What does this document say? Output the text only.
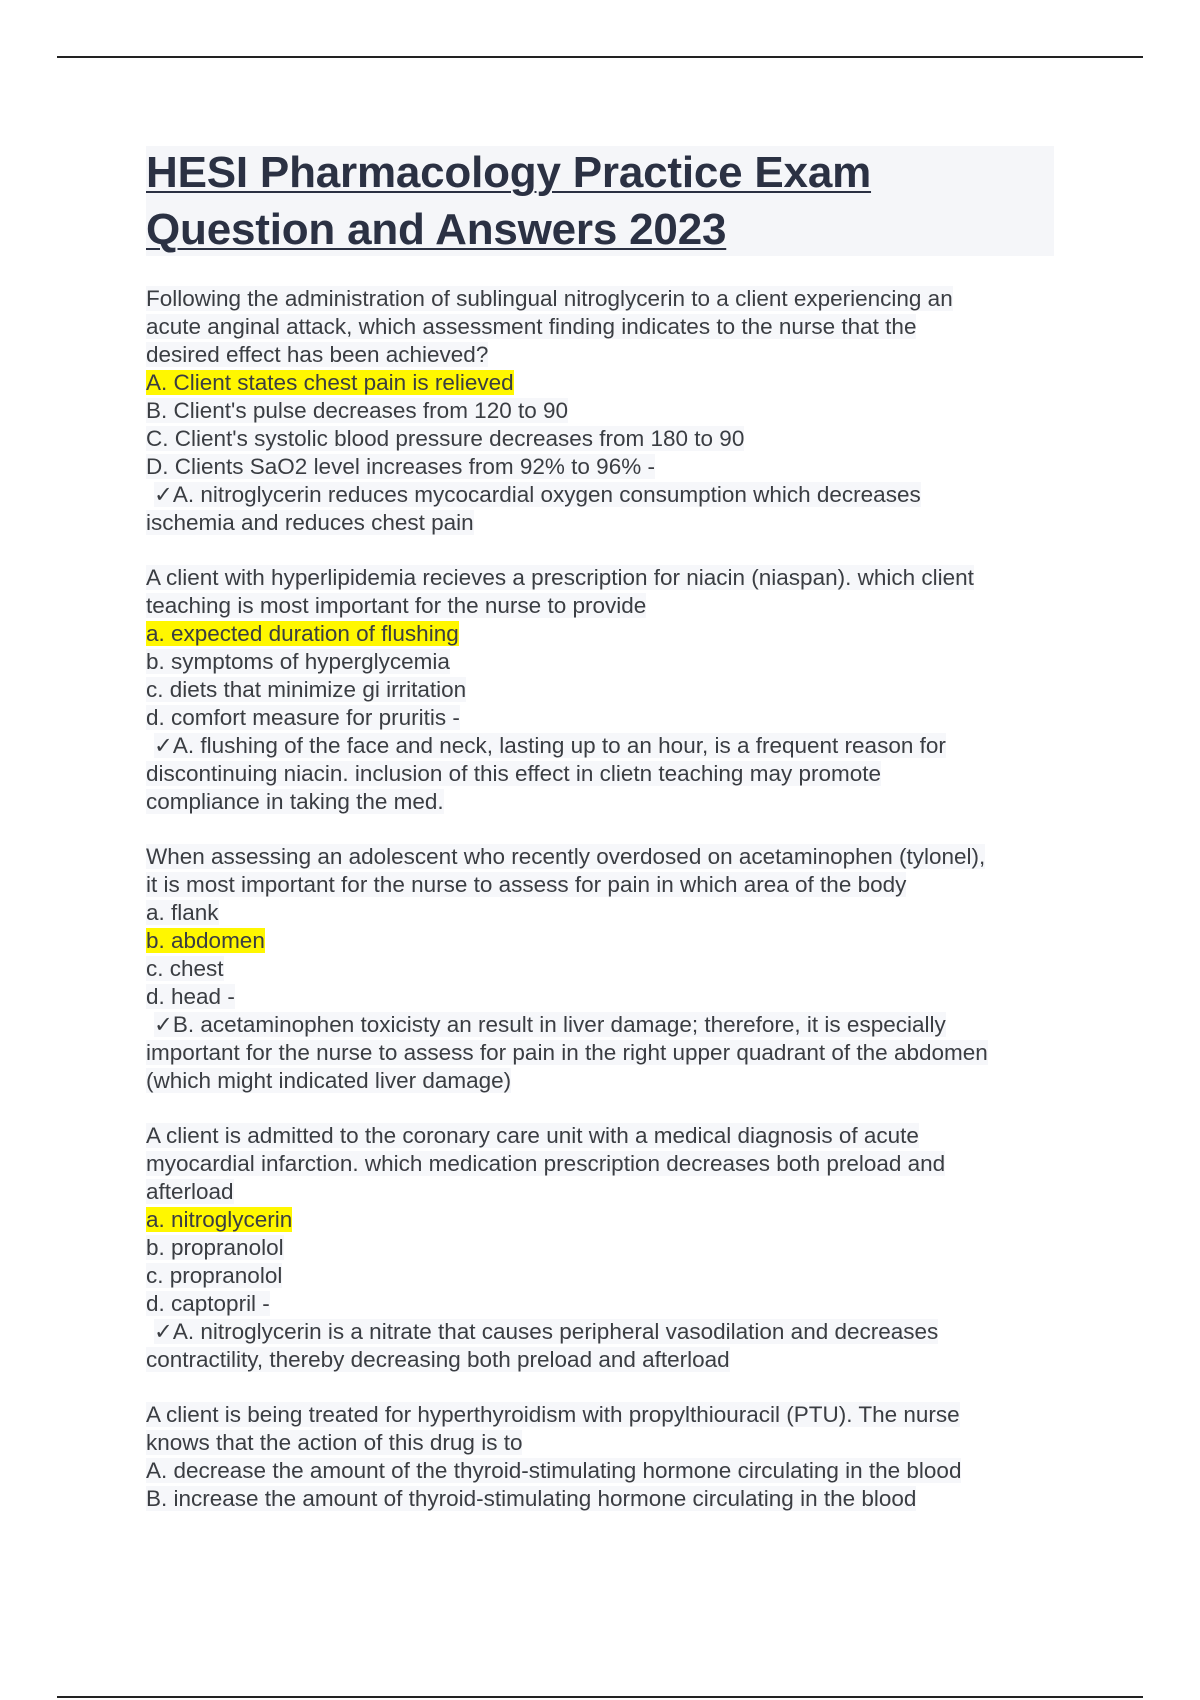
HESI Pharmacology Practice Exam
Question and Answers 2023
Following the administration of sublingual nitroglycerin to a client experiencing an
acute anginal attack, which assessment finding indicates to the nurse that the
desired effect has been achieved?
A. Client states chest pain is relieved
B. Client's pulse decreases from 120 to 90
C. Client's systolic blood pressure decreases from 180 to 90
D. Clients SaO2 level increases from 92% to 96% -
✓A. nitroglycerin reduces mycocardial oxygen consumption which decreases
ischemia and reduces chest pain
A client with hyperlipidemia recieves a prescription for niacin (niaspan). which client
teaching is most important for the nurse to provide
a. expected duration of flushing
b. symptoms of hyperglycemia
c. diets that minimize gi irritation
d. comfort measure for pruritis -
✓A. flushing of the face and neck, lasting up to an hour, is a frequent reason for
discontinuing niacin. inclusion of this effect in clietn teaching may promote
compliance in taking the med.
When assessing an adolescent who recently overdosed on acetaminophen (tylonel),
it is most important for the nurse to assess for pain in which area of the body
a. flank
b. abdomen
c. chest
d. head -
✓B. acetaminophen toxicisty an result in liver damage; therefore, it is especially
important for the nurse to assess for pain in the right upper quadrant of the abdomen
(which might indicated liver damage)
A client is admitted to the coronary care unit with a medical diagnosis of acute
myocardial infarction. which medication prescription decreases both preload and
afterload
a. nitroglycerin
b. propranolol
c. propranolol
d. captopril -
✓A. nitroglycerin is a nitrate that causes peripheral vasodilation and decreases
contractility, thereby decreasing both preload and afterload
A client is being treated for hyperthyroidism with propylthiouracil (PTU). The nurse
knows that the action of this drug is to
A. decrease the amount of the thyroid-stimulating hormone circulating in the blood
B. increase the amount of thyroid-stimulating hormone circulating in the blood
